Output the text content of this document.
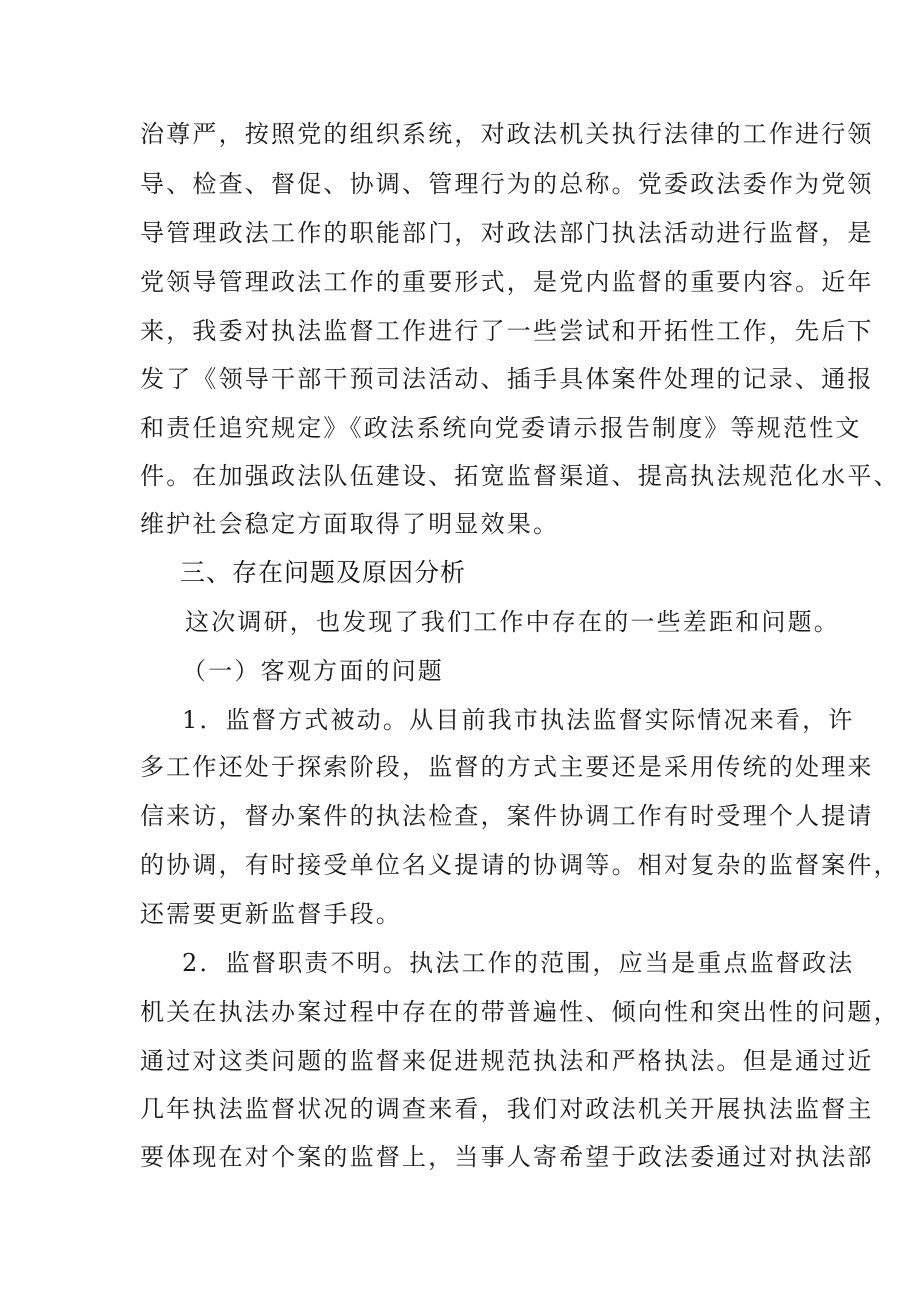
治尊严，按照党的组织系统，对政法机关执行法律的工作进行领
导、检查、督促、协调、管理行为的总称。党委政法委作为党领
导管理政法工作的职能部门，对政法部门执法活动进行监督，是
党领导管理政法工作的重要形式，是党内监督的重要内容。近年
来，我委对执法监督工作进行了一些尝试和开拓性工作，先后下
发了《领导干部干预司法活动、插手具体案件处理的记录、通报
和责任追究规定》《政法系统向党委请示报告制度》等规范性文
件。在加强政法队伍建设、拓宽监督渠道、提高执法规范化水平、
维护社会稳定方面取得了明显效果。
三、存在问题及原因分析
这次调研，也发现了我们工作中存在的一些差距和问题。
（一）客观方面的问题
1．监督方式被动。从目前我市执法监督实际情况来看，许
多工作还处于探索阶段，监督的方式主要还是采用传统的处理来
信来访，督办案件的执法检查，案件协调工作有时受理个人提请
的协调，有时接受单位名义提请的协调等。相对复杂的监督案件，
还需要更新监督手段。
2．监督职责不明。执法工作的范围，应当是重点监督政法
机关在执法办案过程中存在的带普遍性、倾向性和突出性的问题，
通过对这类问题的监督来促进规范执法和严格执法。但是通过近
几年执法监督状况的调查来看，我们对政法机关开展执法监督主
要体现在对个案的监督上，当事人寄希望于政法委通过对执法部
